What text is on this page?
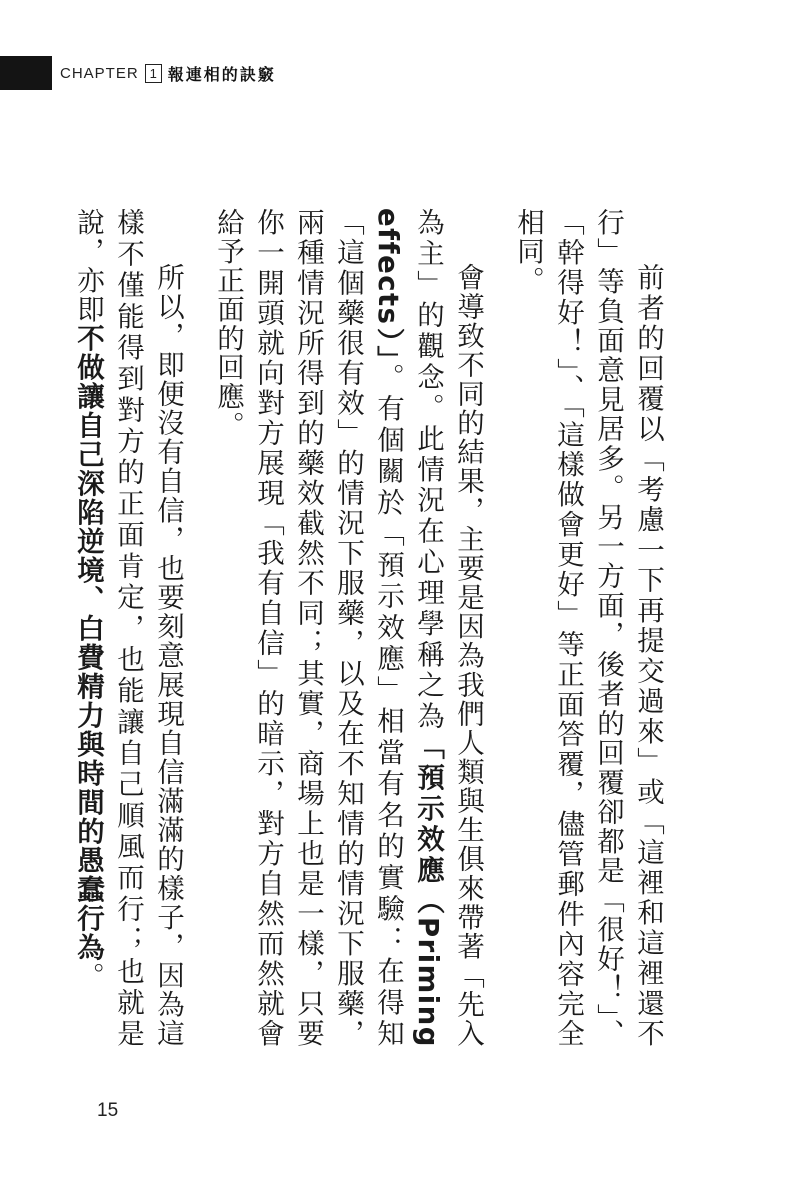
CHAPTER 1 報連相的訣竅

前者的回覆以「考慮一下再提交過來」或「這裡和這裡還不行」等負面意見居多。另一方面，後者的回覆卻都是「很好！」、「幹得好！」、「這樣做會更好」等正面答覆，儘管郵件內容完全相同。

會導致不同的結果，主要是因為我們人類與生俱來帶著「先入為主」的觀念。此情況在心理學稱之為「預示效應（Priming effects）」。有個關於「預示效應」相當有名的實驗：在得知「這個藥很有效」的情況下服藥，以及在不知情的情況下服藥，兩種情況所得到的藥效截然不同；其實，商場上也是一樣，只要你一開頭就向對方展現「我有自信」的暗示，對方自然而然就會給予正面的回應。

所以，即便沒有自信，也要刻意展現自信滿滿的樣子，因為這樣不僅能得到對方的正面肯定，也能讓自己順風而行；也就是說，亦即不做讓自己深陷逆境、白費精力與時間的愚蠢行為。

15
